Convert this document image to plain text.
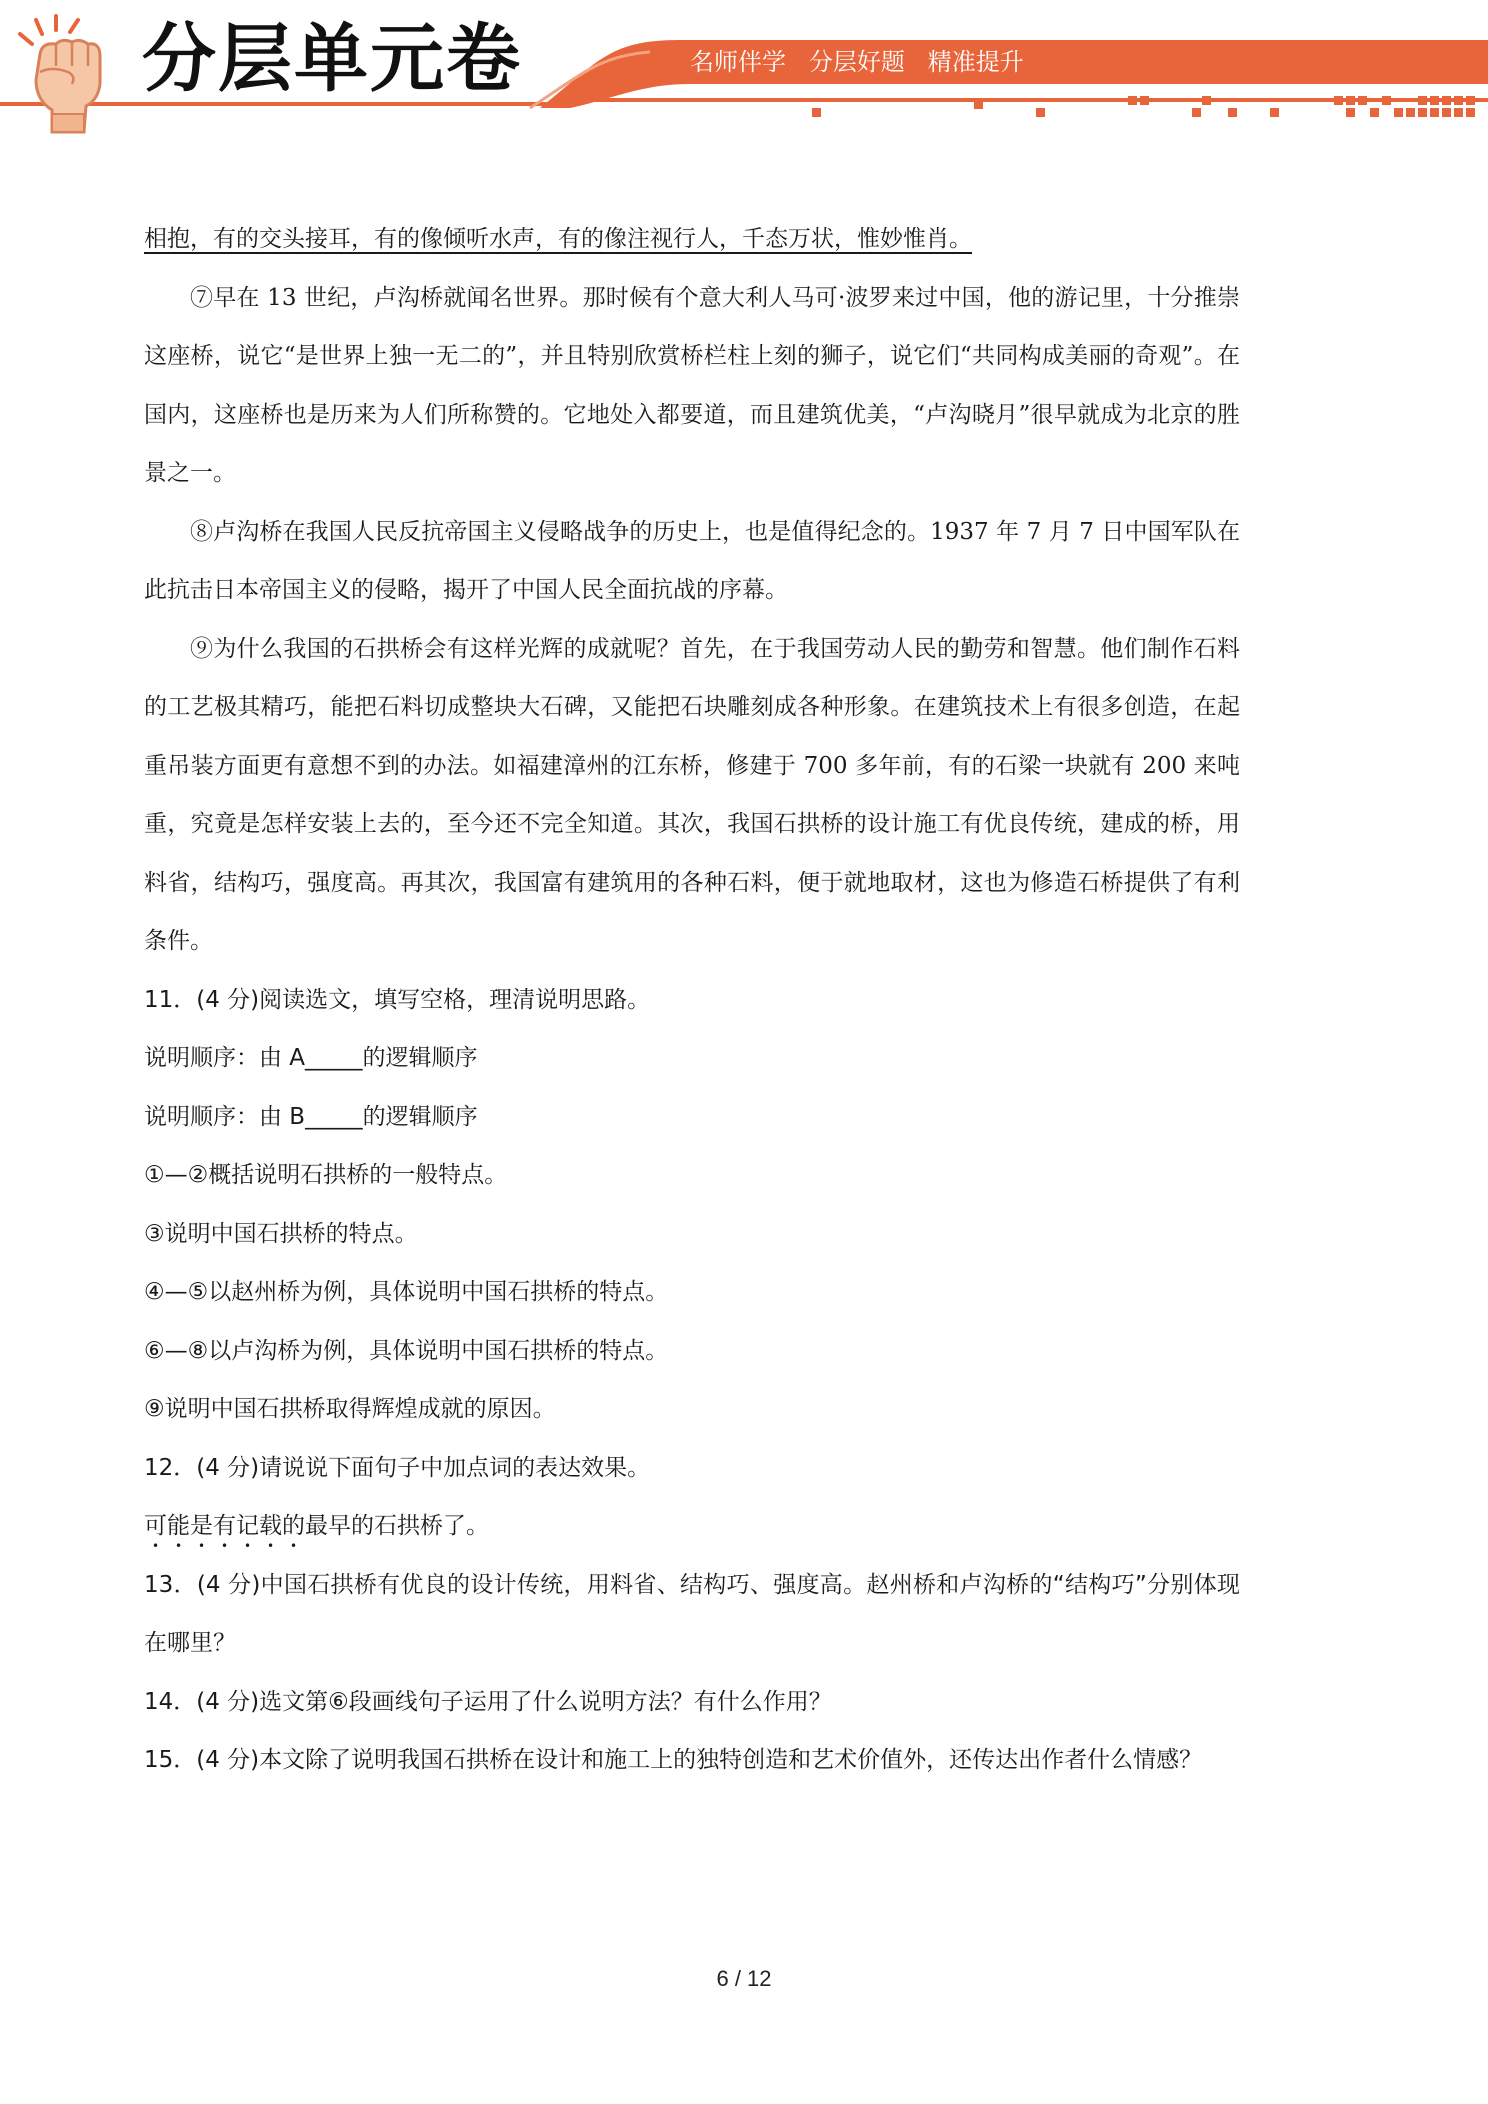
分层单元卷	名师伴学   分层好题   精准提升

相抱，有的交头接耳，有的像倾听水声，有的像注视行人，千态万状，惟妙惟肖。

⑦早在 13 世纪，卢沟桥就闻名世界。那时候有个意大利人马可·波罗来过中国，他的游记里，十分推崇这座桥，说它“是世界上独一无二的”，并且特别欣赏桥栏柱上刻的狮子，说它们“共同构成美丽的奇观”。在国内，这座桥也是历来为人们所称赞的。它地处入都要道，而且建筑优美，“卢沟晓月”很早就成为北京的胜景之一。

⑧卢沟桥在我国人民反抗帝国主义侵略战争的历史上，也是值得纪念的。1937 年 7 月 7 日中国军队在此抗击日本帝国主义的侵略，揭开了中国人民全面抗战的序幕。

⑨为什么我国的石拱桥会有这样光辉的成就呢？首先，在于我国劳动人民的勤劳和智慧。他们制作石料的工艺极其精巧，能把石料切成整块大石碑，又能把石块雕刻成各种形象。在建筑技术上有很多创造，在起重吊装方面更有意想不到的办法。如福建漳州的江东桥，修建于 700 多年前，有的石梁一块就有 200 来吨重，究竟是怎样安装上去的，至今还不完全知道。其次，我国石拱桥的设计施工有优良传统，建成的桥，用料省，结构巧，强度高。再其次，我国富有建筑用的各种石料，便于就地取材，这也为修造石桥提供了有利条件。

11．(4 分)阅读选文，填写空格，理清说明思路。

说明顺序：由 A_____的逻辑顺序

说明顺序：由 B_____的逻辑顺序

①—②概括说明石拱桥的一般特点。

③说明中国石拱桥的特点。

④—⑤以赵州桥为例，具体说明中国石拱桥的特点。

⑥—⑧以卢沟桥为例，具体说明中国石拱桥的特点。

⑨说明中国石拱桥取得辉煌成就的原因。

12．(4 分)请说说下面句子中加点词的表达效果。

可能是有记载的最早的石拱桥了。

13．(4 分)中国石拱桥有优良的设计传统，用料省、结构巧、强度高。赵州桥和卢沟桥的“结构巧”分别体现在哪里？

14．(4 分)选文第⑥段画线句子运用了什么说明方法？有什么作用？

15．(4 分)本文除了说明我国石拱桥在设计和施工上的独特创造和艺术价值外，还传达出作者什么情感？

6 / 12
